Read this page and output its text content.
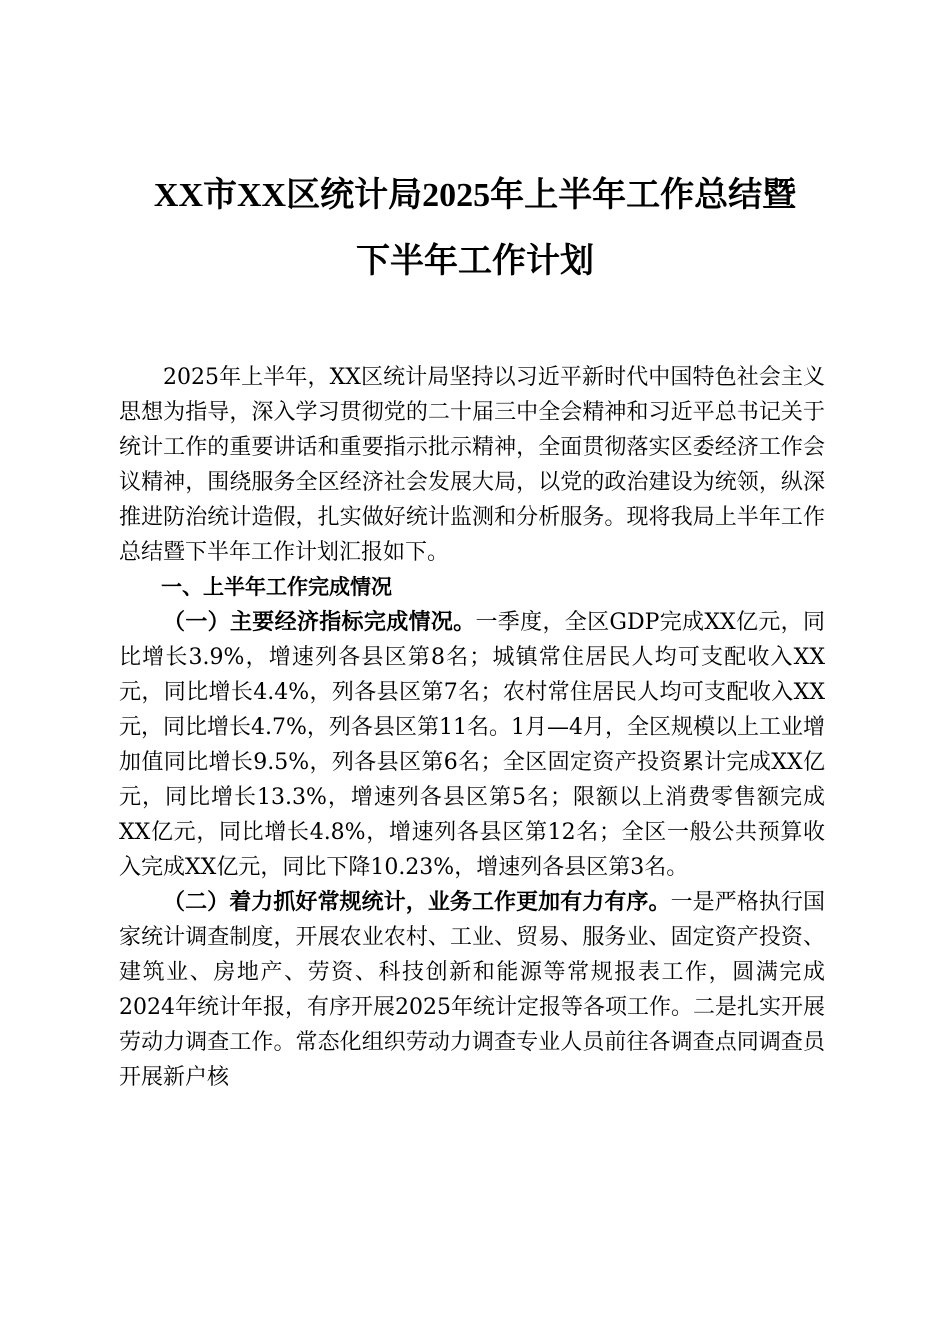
XX市XX区统计局2025年上半年工作总结暨
下半年工作计划

2025年上半年，XX区统计局坚持以习近平新时代中国特色社会主义思想为指导，深入学习贯彻党的二十届三中全会精神和习近平总书记关于统计工作的重要讲话和重要指示批示精神，全面贯彻落实区委经济工作会议精神，围绕服务全区经济社会发展大局，以党的政治建设为统领，纵深推进防治统计造假，扎实做好统计监测和分析服务。现将我局上半年工作总结暨下半年工作计划汇报如下。

一、上半年工作完成情况

（一）主要经济指标完成情况。一季度，全区GDP完成XX亿元，同比增长3.9%，增速列各县区第8名；城镇常住居民人均可支配收入XX元，同比增长4.4%，列各县区第7名；农村常住居民人均可支配收入XX元，同比增长4.7%，列各县区第11名。1月—4月，全区规模以上工业增加值同比增长9.5%，列各县区第6名；全区固定资产投资累计完成XX亿元，同比增长13.3%，增速列各县区第5名；限额以上消费零售额完成XX亿元，同比增长4.8%，增速列各县区第12名；全区一般公共预算收入完成XX亿元，同比下降10.23%，增速列各县区第3名。

（二）着力抓好常规统计，业务工作更加有力有序。一是严格执行国家统计调查制度，开展农业农村、工业、贸易、服务业、固定资产投资、建筑业、房地产、劳资、科技创新和能源等常规报表工作，圆满完成2024年统计年报，有序开展2025年统计定报等各项工作。二是扎实开展劳动力调查工作。常态化组织劳动力调查专业人员前往各调查点同调查员开展新户核
